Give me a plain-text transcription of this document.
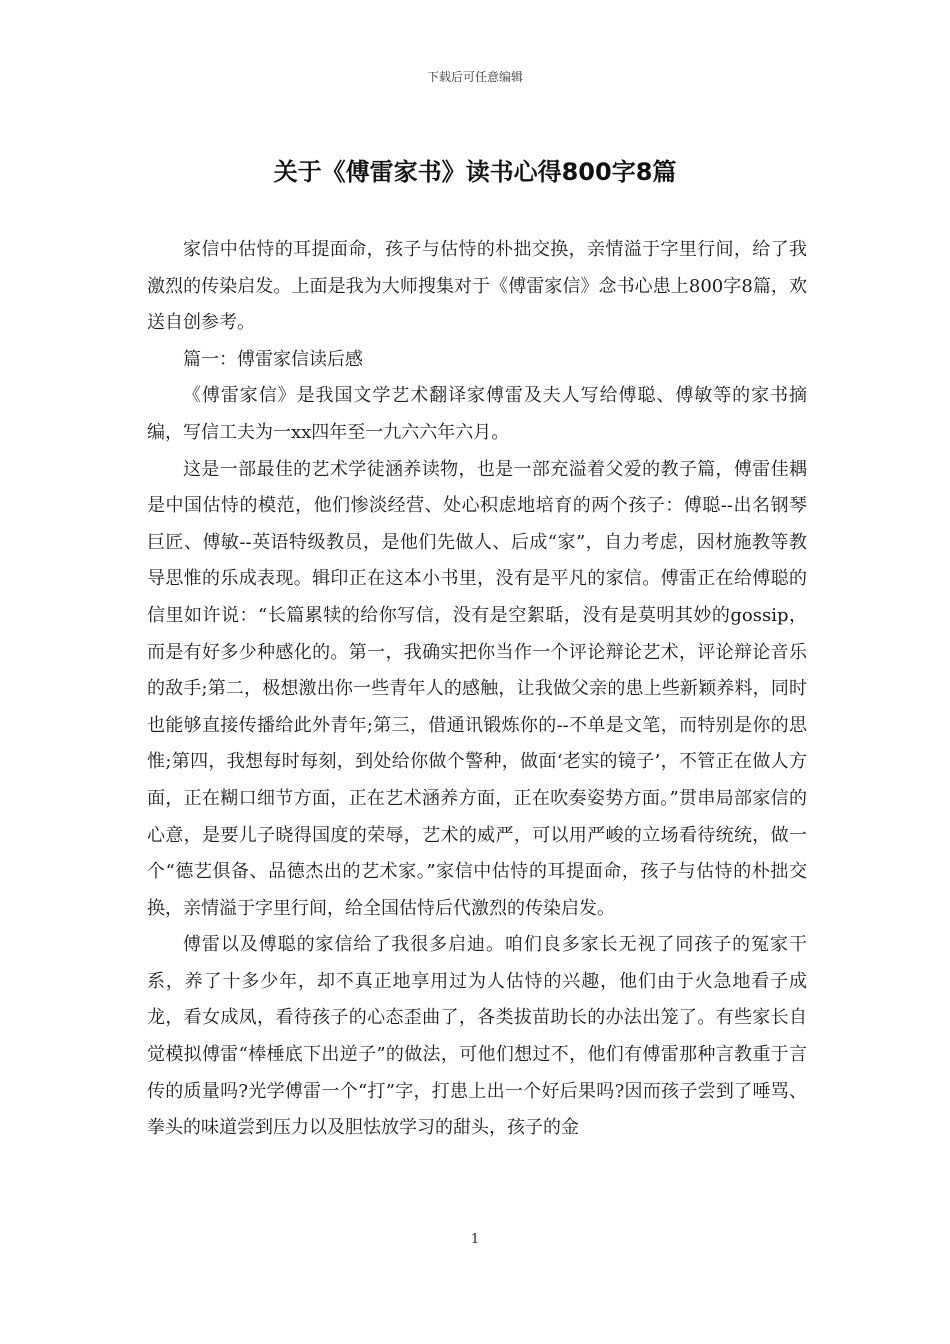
下载后可任意编辑
关于《傅雷家书》读书心得800字8篇

家信中估恃的耳提面命，孩子与估恃的朴拙交换，亲情溢于字里行间，给了我激烈的传染启发。上面是我为大师搜集对于《傅雷家信》念书心患上800字8篇，欢送自创参考。

篇一：傅雷家信读后感

《傅雷家信》是我国文学艺术翻译家傅雷及夫人写给傅聪、傅敏等的家书摘编，写信工夫为一xx四年至一九六六年六月。

这是一部最佳的艺术学徒涵养读物，也是一部充溢着父爱的教子篇，傅雷佳耦是中国估恃的模范，他们惨淡经营、处心积虑地培育的两个孩子：傅聪--出名钢琴巨匠、傅敏--英语特级教员，是他们先做人、后成“家”，自力考虑，因材施教等教导思惟的乐成表现。辑印正在这本小书里，没有是平凡的家信。傅雷正在给傅聪的信里如许说：“长篇累犊的给你写信，没有是空絮聒，没有是莫明其妙的gossip，而是有好多少种感化的。第一，我确实把你当作一个评论辩论艺术，评论辩论音乐的敌手;第二，极想激出你一些青年人的感触，让我做父亲的患上些新颖养料，同时也能够直接传播给此外青年;第三，借通讯锻炼你的--不单是文笔，而特别是你的思惟;第四，我想每时每刻，到处给你做个警种，做面‘老实的镜子’，不管正在做人方面，正在糊口细节方面，正在艺术涵养方面，正在吹奏姿势方面。”贯串局部家信的心意，是要儿子晓得国度的荣辱，艺术的威严，可以用严峻的立场看待统统，做一个“德艺俱备、品德杰出的艺术家。”家信中估恃的耳提面命，孩子与估恃的朴拙交换，亲情溢于字里行间，给全国估恃后代激烈的传染启发。

傅雷以及傅聪的家信给了我很多启迪。咱们良多家长无视了同孩子的冤家干系，养了十多少年，却不真正地享用过为人估恃的兴趣，他们由于火急地看子成龙，看女成凤，看待孩子的心态歪曲了，各类拔苗助长的办法出笼了。有些家长自觉模拟傅雷“棒棰底下出逆子”的做法，可他们想过不，他们有傅雷那种言教重于言传的质量吗?光学傅雷一个“打”字，打患上出一个好后果吗?因而孩子尝到了唾骂、拳头的味道尝到压力以及胆怯放学习的甜头，孩子的金

1
